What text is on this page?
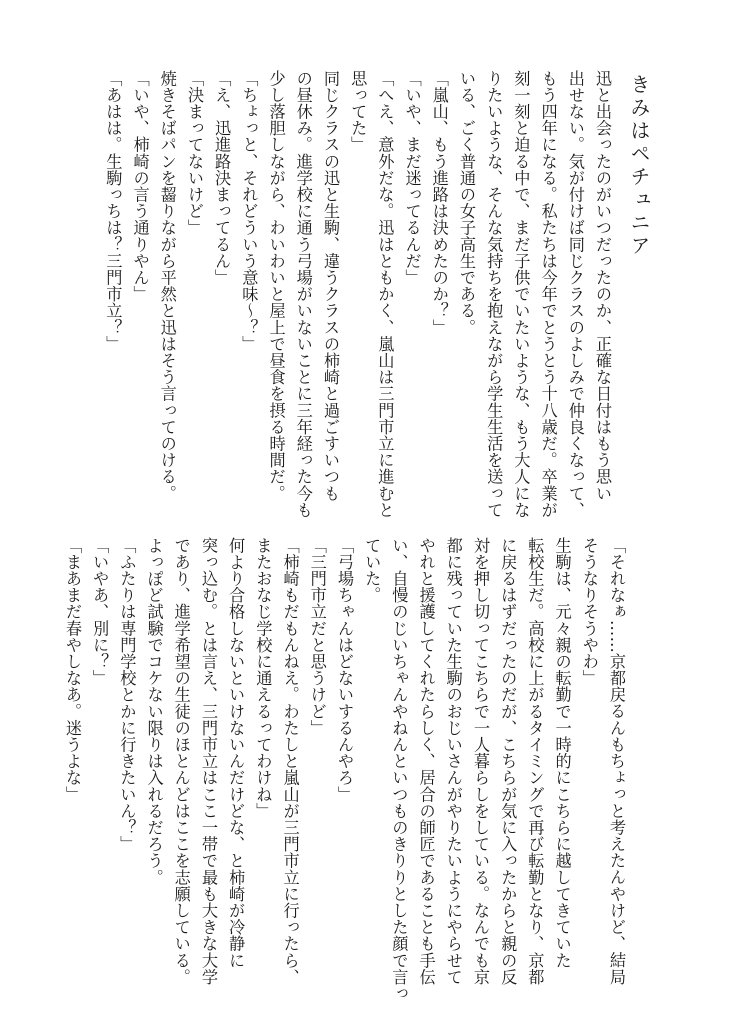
きみはペチュニア

迅と出会ったのがいつだったのか、正確な日付はもう思い

出せない。気が付けば同じクラスのよしみで仲良くなって、

もう四年になる。私たちは今年でとうとう十八歳だ。卒業が

刻一刻と迫る中で、まだ子供でいたいような、もう大人にな

りたいような、そんな気持ちを抱えながら学生生活を送って

いる、ごく普通の女子高生である。

「嵐山、もう進路は決めたのか？」

「いや、まだ迷ってるんだ」

「へえ、意外だな。迅はともかく、嵐山は三門市立に進むと

思ってた」

同じクラスの迅と生駒、違うクラスの柿崎と過ごすいつも

の昼休み。進学校に通う弓場がいないことに三年経った今も

少し落胆しながら、わいわいと屋上で昼食を摂る時間だ。

「ちょっと、それどういう意味～？」

「え、迅進路決まってるん」

「決まってないけど」

焼きそばパンを齧りながら平然と迅はそう言ってのける。

「いや、柿崎の言う通りやん」

「あはは。生駒っちは？三門市立？」

「それなぁ……京都戻るんもちょっと考えたんやけど、結局

そうなりそうやわ」

生駒は、元々親の転勤で一時的にこちらに越してきていた

転校生だ。高校に上がるタイミングで再び転勤となり、京都

に戻るはずだったのだが、こちらが気に入ったからと親の反

対を押し切ってこちらで一人暮らしをしている。なんでも京

都に残っていた生駒のおじいさんがやりたいようにやらせて

やれと援護してくれたらしく、居合の師匠であることも手伝

い、自慢のじいちゃんやねんといつものきりりとした顔で言っ

ていた。

「弓場ちゃんはどないするんやろ」

「三門市立だと思うけど」

「柿崎もだもんねえ。わたしと嵐山が三門市立に行ったら、

またおなじ学校に通えるってわけね」

何より合格しないといけないんだけどな、と柿崎が冷静に

突っ込む。とは言え、三門市立はここ一帯で最も大きな大学

であり、進学希望の生徒のほとんどはここを志願している。

よっぽど試験でコケない限りは入れるだろう。

「ふたりは専門学校とかに行きたいん？」

「いやあ、別に？」

「まあまだ春やしなあ。迷うよな」
